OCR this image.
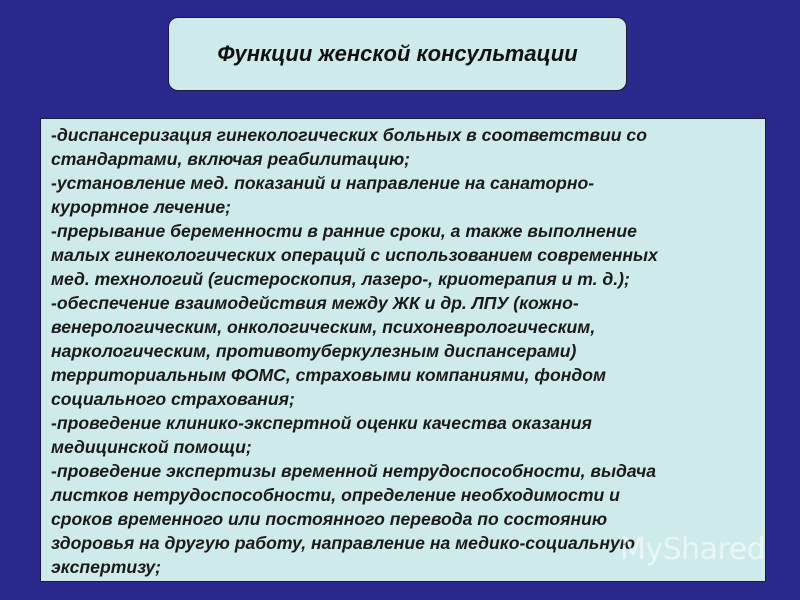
Функции женской консультации

-диспансеризация гинекологических больных в соответствии со
стандартами, включая реабилитацию;
-установление мед. показаний и направление на санаторно-
курортное лечение;
-прерывание беременности в ранние сроки, а также выполнение
малых гинекологических операций с использованием современных
мед. технологий (гистероскопия, лазеро-, криотерапия и т. д.);
-обеспечение взаимодействия между ЖК и др. ЛПУ (кожно-
венерологическим, онкологическим, психоневрологическим,
наркологическим, противотуберкулезным диспансерами)
территориальным ФОМС, страховыми компаниями, фондом
социального страхования;
-проведение клинико-экспертной оценки качества оказания
медицинской помощи;
-проведение экспертизы временной нетрудоспособности, выдача
листков нетрудоспособности, определение необходимости и
сроков временного или постоянного перевода по состоянию
здоровья на другую работу, направление на медико-социальную
экспертизу;	MyShared
